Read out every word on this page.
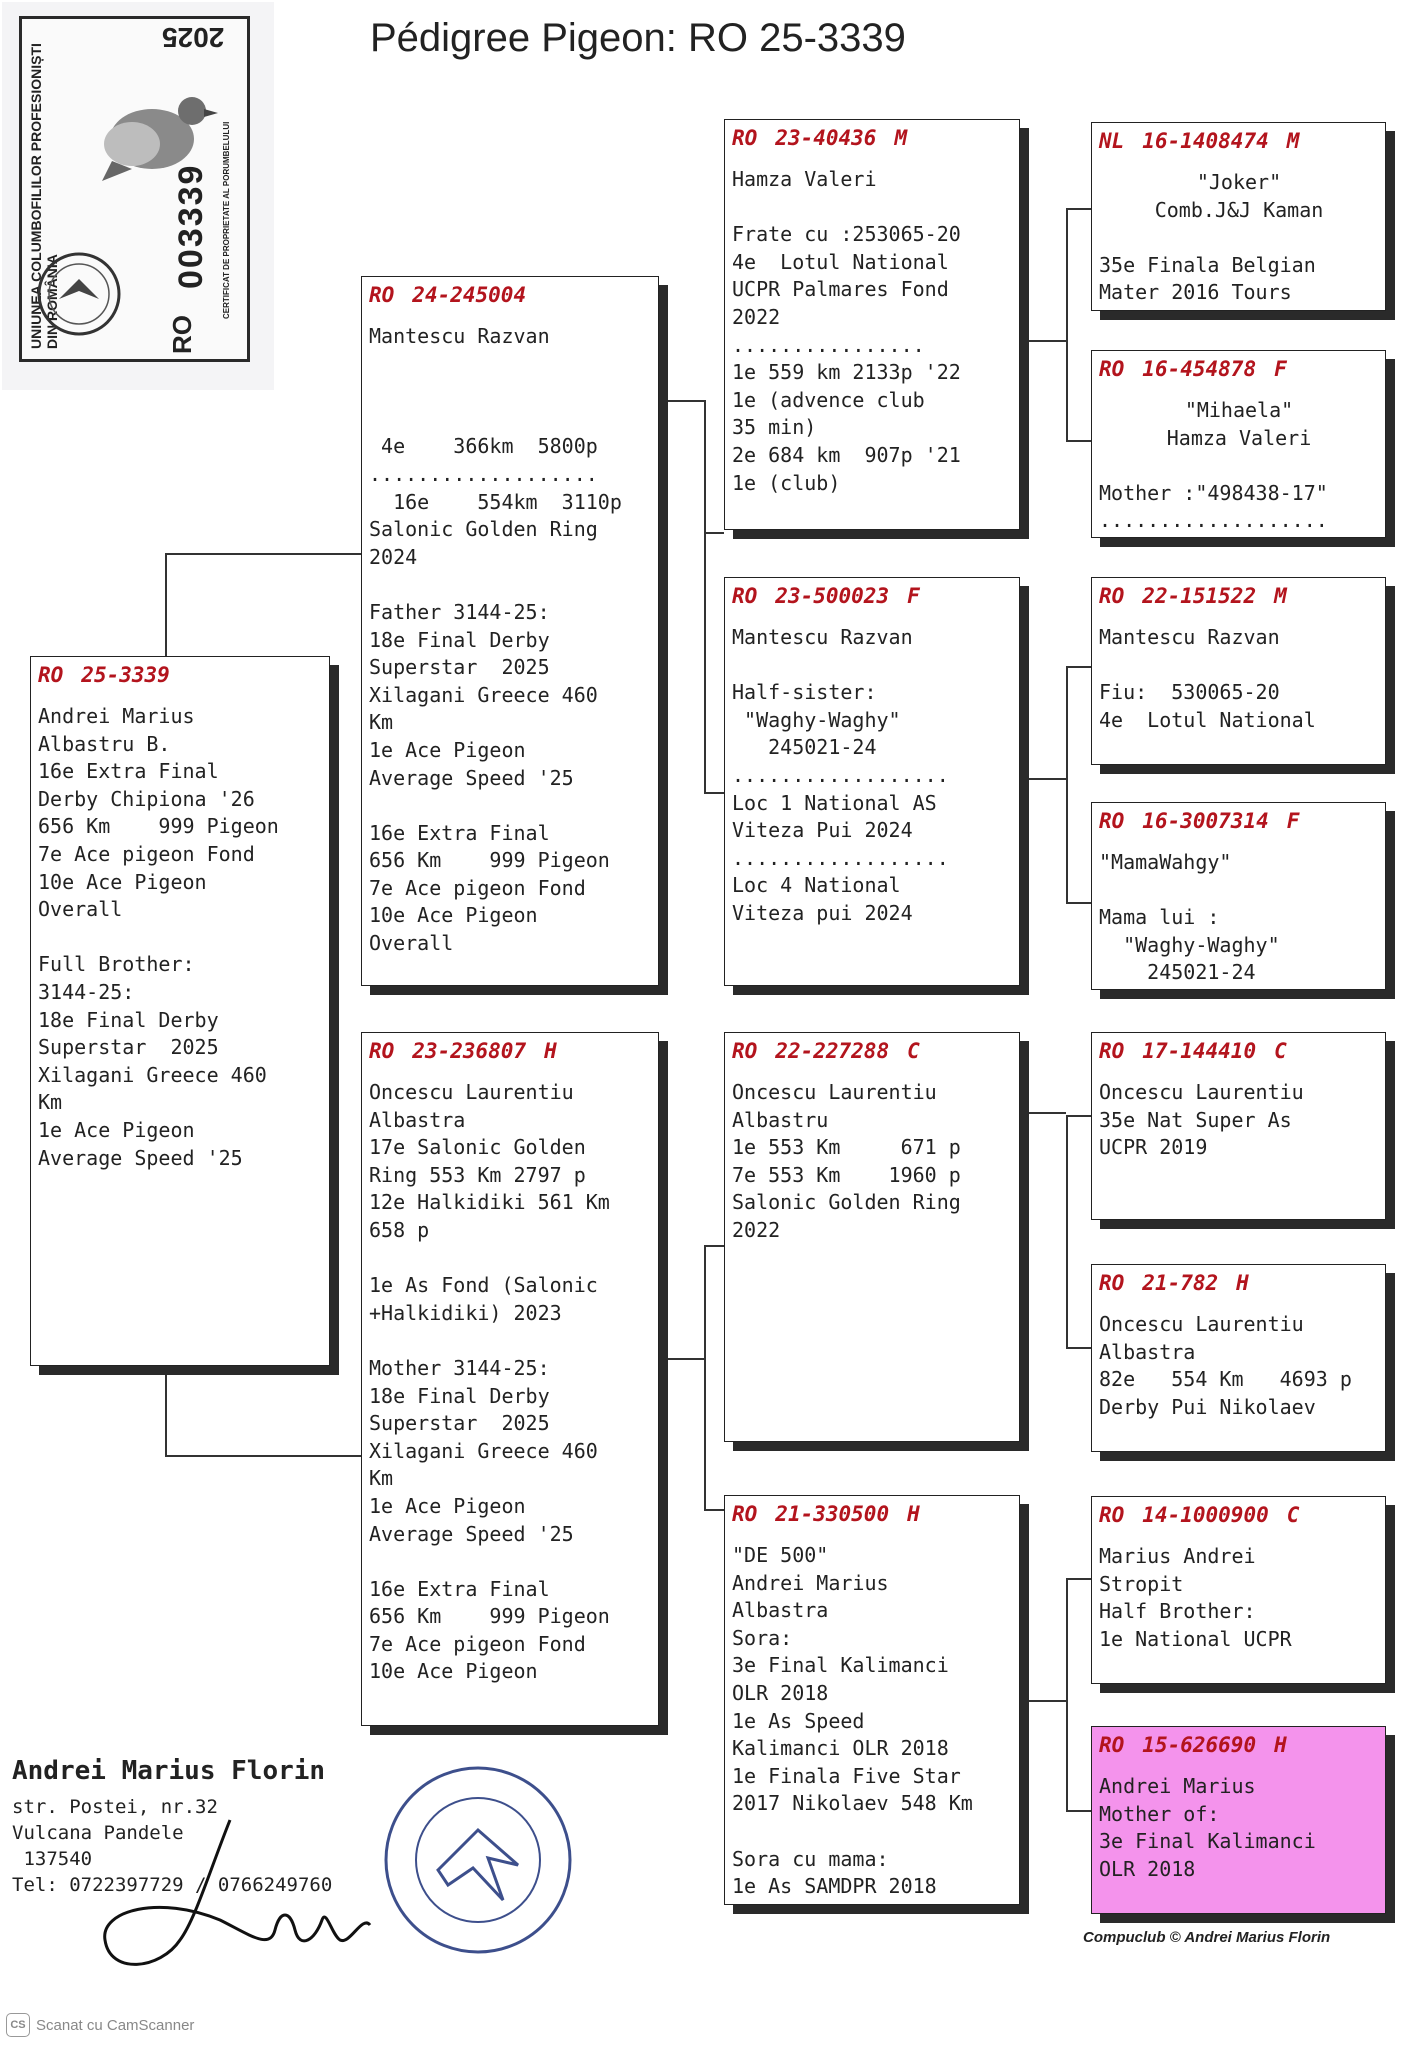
Pédigree Pigeon: RO 25-3339
UNIUNEA COLUMBOFILILOR PROFESIONIȘTI DIN ROMÂNIA	CERTIFICAT DE PROPRIETATE AL PORUMBELULUI
003339
RO
2025
RO 25-3339
Andrei Marius
Albastru B.
16e Extra Final
Derby Chipiona '26
656 Km    999 Pigeon
7e Ace pigeon Fond
10e Ace Pigeon
Overall
Full Brother:
3144-25:
18e Final Derby
Superstar  2025
Xilagani Greece 460
Km
1e Ace Pigeon
Average Speed '25
RO 24-245004
Mantescu Razvan
4e    366km  5800p
...................
16e    554km  3110p
Salonic Golden Ring
2024
Father 3144-25:
18e Final Derby
Superstar  2025
Xilagani Greece 460
Km
1e Ace Pigeon
Average Speed '25
16e Extra Final
656 Km    999 Pigeon
7e Ace pigeon Fond
10e Ace Pigeon
Overall
RO 23-236807 H
Oncescu Laurentiu
Albastra
17e Salonic Golden
Ring 553 Km 2797 p
12e Halkidiki 561 Km
658 p
1e As Fond (Salonic
+Halkidiki) 2023
Mother 3144-25:
18e Final Derby
Superstar  2025
Xilagani Greece 460
Km
1e Ace Pigeon
Average Speed '25
16e Extra Final
656 Km    999 Pigeon
7e Ace pigeon Fond
10e Ace Pigeon
RO 23-40436 M
Hamza Valeri
Frate cu :253065-20
4e  Lotul National
UCPR Palmares Fond
2022
................
1e 559 km 2133p '22
1e (advence club
35 min)
2e 684 km  907p '21
1e (club)
RO 23-500023 F
Mantescu Razvan
Half-sister:
"Waghy-Waghy"
245021-24
..................
Loc 1 National AS
Viteza Pui 2024
..................
Loc 4 National
Viteza pui 2024
RO 22-227288 C
Oncescu Laurentiu
Albastru
1e 553 Km     671 p
7e 553 Km    1960 p
Salonic Golden Ring
2022
RO 21-330500 H
"DE 500"
Andrei Marius
Albastra
Sora:
3e Final Kalimanci
OLR 2018
1e As Speed
Kalimanci OLR 2018
1e Finala Five Star
2017 Nikolaev 548 Km
Sora cu mama:
1e As SAMDPR 2018
NL 16-1408474 M
"Joker"
Comb.J&J Kaman
35e Finala Belgian
Mater 2016 Tours
RO 16-454878 F
"Mihaela"
Hamza Valeri
Mother :"498438-17"
...................
RO 22-151522 M
Mantescu Razvan
Fiu:  530065-20
4e  Lotul National
RO 16-3007314 F
"MamaWahgy"
Mama lui :
"Waghy-Waghy"
245021-24
RO 17-144410 C
Oncescu Laurentiu
35e Nat Super As
UCPR 2019
RO 21-782 H
Oncescu Laurentiu
Albastra
82e   554 Km   4693 p
Derby Pui Nikolaev
RO 14-1000900 C
Marius Andrei
Stropit
Half Brother:
1e National UCPR
RO 15-626690 H
Andrei Marius
Mother of:
3e Final Kalimanci
OLR 2018
Andrei Marius Florin
str. Postei, nr.32
Vulcana Pandele
137540
Tel: 0722397729 / 0766249760
Compuclub © Andrei Marius Florin
CS Scanat cu CamScanner
